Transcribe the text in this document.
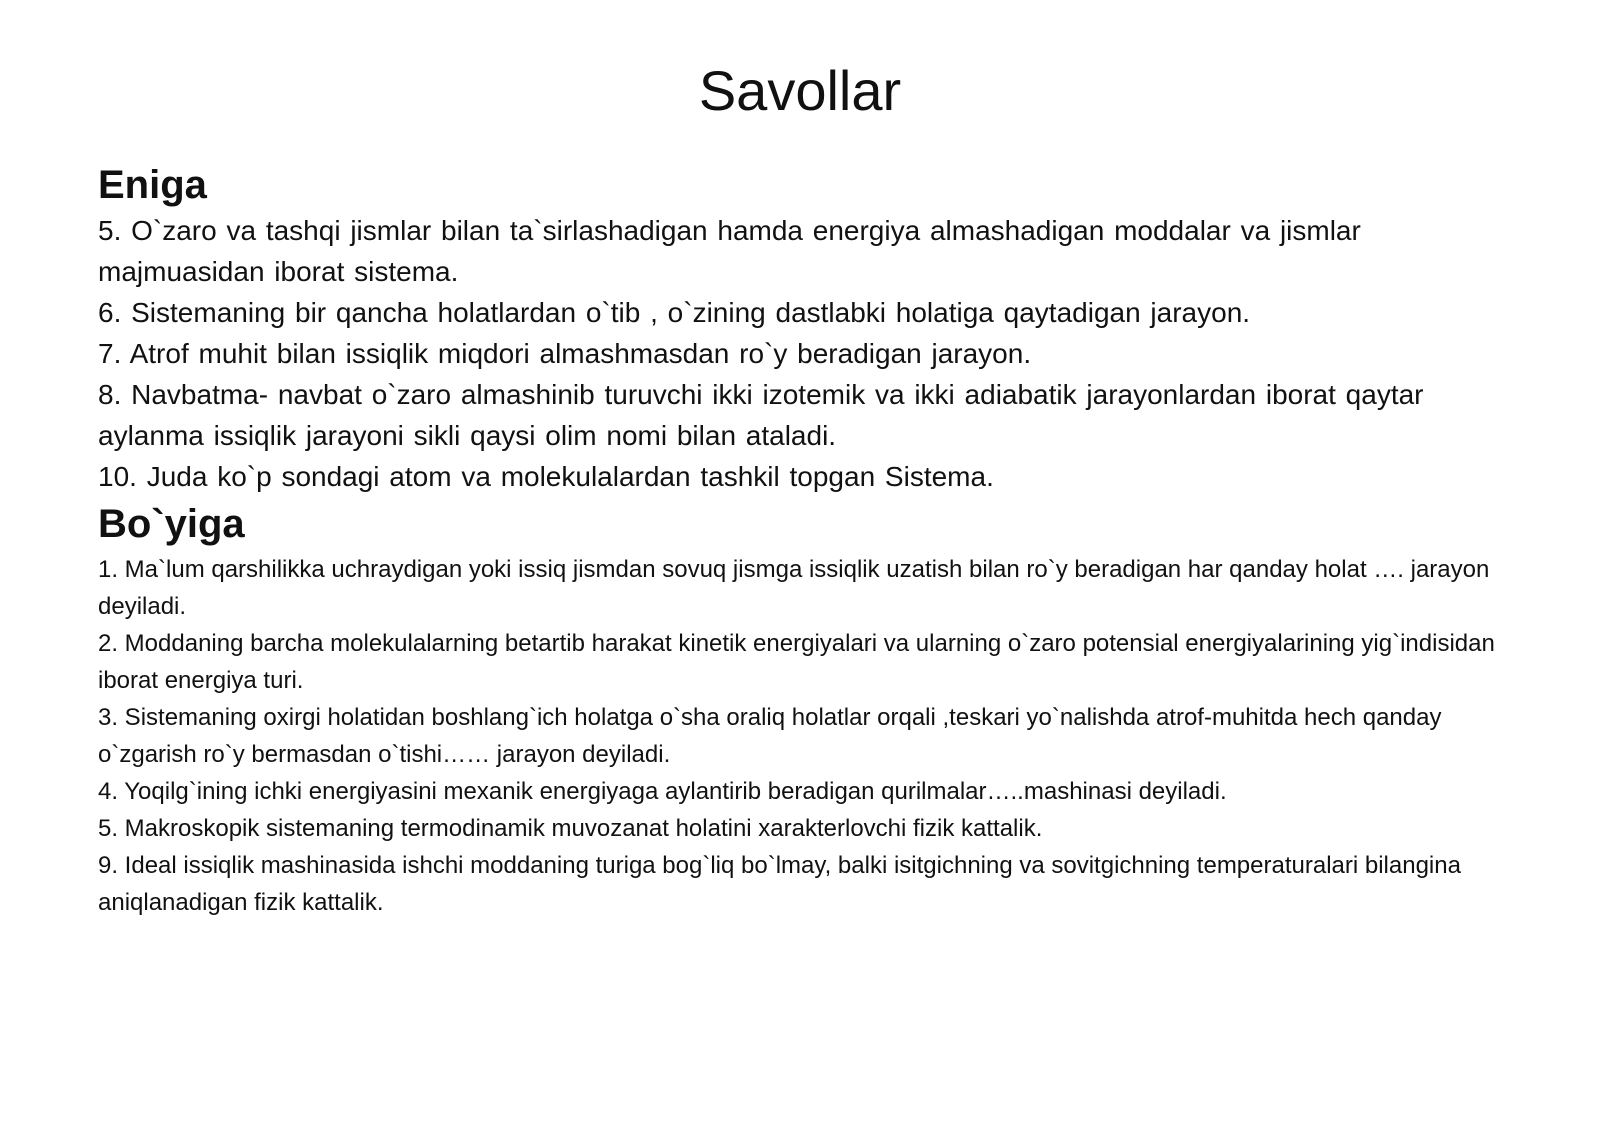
Savollar
Eniga
5. O`zaro va tashqi jismlar bilan ta`sirlashadigan hamda energiya almashadigan moddalar va jismlar majmuasidan iborat sistema.
6. Sistemaning bir qancha holatlardan o`tib , o`zining dastlabki holatiga qaytadigan jarayon.
7. Atrof muhit bilan issiqlik miqdori almashmasdan ro`y beradigan jarayon.
8. Navbatma- navbat o`zaro almashinib turuvchi ikki izotemik va ikki adiabatik jarayonlardan iborat qaytar aylanma issiqlik jarayoni sikli qaysi olim nomi bilan ataladi.
10. Juda ko`p sondagi atom va molekulalardan tashkil topgan Sistema.
Bo`yiga
1. Ma`lum qarshilikka uchraydigan yoki issiq jismdan sovuq jismga issiqlik uzatish bilan ro`y beradigan har qanday holat …. jarayon deyiladi.
2. Moddaning barcha molekulalarning betartib harakat kinetik energiyalari va ularning o`zaro potensial energiyalarining yig`indisidan iborat energiya turi.
3. Sistemaning oxirgi holatidan boshlang`ich holatga o`sha oraliq holatlar orqali ,teskari yo`nalishda atrof-muhitda hech qanday o`zgarish ro`y bermasdan o`tishi…… jarayon deyiladi.
4. Yoqilg`ining ichki energiyasini mexanik energiyaga aylantirib beradigan qurilmalar…..mashinasi deyiladi.
5. Makroskopik sistemaning termodinamik muvozanat holatini xarakterlovchi fizik kattalik.
9. Ideal issiqlik mashinasida ishchi moddaning turiga bog`liq bo`lmay, balki isitgichning va sovitgichning temperaturalari bilangina aniqlanadigan fizik kattalik.
